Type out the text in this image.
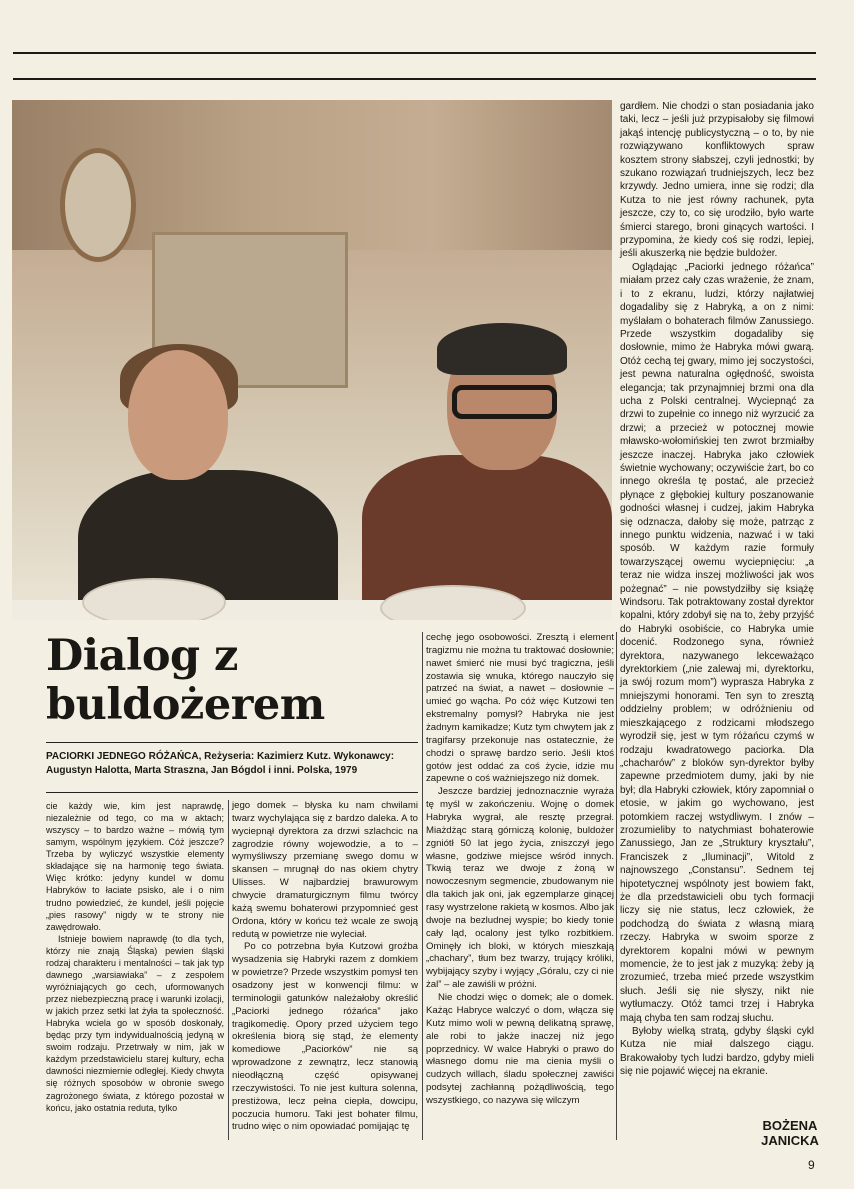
Dialog z buldożerem
PACIORKI JEDNEGO RÓŻAŃCA, Reżyseria: Kazimierz Kutz. Wykonawcy: Augustyn Halotta, Marta Straszna, Jan Bógdol i inni. Polska, 1979

cie każdy wie, kim jest naprawdę, niezależnie od tego, co ma w aktach; wszyscy – to bardzo ważne – mówią tym samym, wspólnym językiem. Cóż jeszcze? Trzeba by wyliczyć wszystkie elementy składające się na harmonię tego świata. Więc krótko: jedyny kundel w domu Habryków to łaciate psisko, ale i o nim trudno powiedzieć, że kundel, jeśli pojęcie „pies rasowy” nigdy w te strony nie zawędrowało.

Istnieje bowiem naprawdę (to dla tych, którzy nie znają Śląska) pewien śląski rodzaj charakteru i mentalności – tak jak typ dawnego „warsiawiaka” – z zespołem wyróżniających go cech, uformowanych przez niebezpieczną pracę i warunki izolacji, w jakich przez setki lat żyła ta społeczność. Habryka wciela go w sposób doskonały, będąc przy tym indywidualnością jedyną w swoim rodzaju. Przetrwały w nim, jak w każdym przedstawicielu starej kultury, echa dawności niezmiernie odległej. Kiedy chwyta się różnych sposobów w obronie swego zagrożonego świata, z którego pozostał w końcu, jako ostatnia reduta, tylko

jego domek – błyska ku nam chwilami twarz wychylająca się z bardzo daleka. A to wyciepnął dyrektora za drzwi szlachcic na zagrodzie równy wojewodzie, a to – wymyśliwszy przemianę swego domu w skansen – mrugnął do nas okiem chytry Ulisses. W najbardziej brawurowym chwycie dramaturgicznym filmu twórcy każą swemu bohaterowi przypomnieć gest Ordona, który w końcu też wcale ze swoją redutą w powietrze nie wyleciał.

Po co potrzebna była Kutzowi groźba wysadzenia się Habryki razem z domkiem w powietrze? Przede wszystkim pomysł ten osadzony jest w konwencji filmu: w terminologii gatunków należałoby określić „Paciorki jednego różańca” jako tragikomedię. Opory przed użyciem tego określenia biorą się stąd, że elementy komediowe „Paciorków” nie są wprowadzone z zewnątrz, lecz stanowią nieodłączną część opisywanej rzeczywistości. To nie jest kultura solenna, prestiżowa, lecz pełna ciepła, dowcipu, poczucia humoru. Taki jest bohater filmu, trudno więc o nim opowiadać pomijając tę

cechę jego osobowości. Zresztą i element tragizmu nie można tu traktować dosłownie; nawet śmierć nie musi być tragiczna, jeśli zostawia się wnuka, którego nauczyło się patrzeć na świat, a nawet – dosłownie – umieć go wącha. Po cóż więc Kutzowi ten ekstremalny pomysł? Habryka nie jest żadnym kamikadze; Kutz tym chwytem jak z tragifarsy przekonuje nas ostatecznie, że chodzi o sprawę bardzo serio. Jeśli ktoś gotów jest oddać za coś życie, idzie mu zapewne o coś ważniejszego niż domek.

Jeszcze bardziej jednoznacznie wyraża tę myśl w zakończeniu. Wojnę o domek Habryka wygrał, ale resztę przegrał. Miażdżąc starą górniczą kolonię, buldożer zgniótł 50 lat jego życia, zniszczył jego własne, godziwe miejsce wśród innych. Tkwią teraz we dwoje z żoną w nowoczesnym segmencie, zbudowanym nie dla takich jak oni, jak egzemplarze ginącej rasy wystrzelone rakietą w kosmos. Albo jak dwoje na bezludnej wyspie; bo kiedy tonie cały ląd, ocalony jest tylko rozbitkiem. Ominęły ich bloki, w których mieszkają „chachary”, tłum bez twarzy, trujący króliki, wybijający szyby i wyjący „Góralu, czy ci nie żal” – ale zawiśli w próżni.

Nie chodzi więc o domek; ale o domek. Każąc Habryce walczyć o dom, włącza się Kutz mimo woli w pewną delikatną sprawę, ale robi to jakże inaczej niż jego poprzednicy. W walce Habryki o prawo do własnego domu nie ma cienia myśli o cudzych willach, śladu społecznej zawiści podsytej zachłanną pożądliwością, tego wszystkiego, co nazywa się wilczym

gardłem. Nie chodzi o stan posiadania jako taki, lecz – jeśli już przypisałoby się filmowi jakąś intencję publicystyczną – o to, by nie rozwiązywano konfliktowych spraw kosztem strony słabszej, czyli jednostki; by szukano rozwiązań trudniejszych, lecz bez krzywdy. Jedno umiera, inne się rodzi; dla Kutza to nie jest równy rachunek, pyta jeszcze, czy to, co się urodziło, było warte śmierci starego, broni ginących wartości. I przypomina, że kiedy coś się rodzi, lepiej, jeśli akuszerką nie będzie buldożer.

Oglądając „Paciorki jednego różańca” miałam przez cały czas wrażenie, że znam, i to z ekranu, ludzi, którzy najłatwiej dogadaliby się z Habryką, a on z nimi: myślałam o bohaterach filmów Zanussiego. Przede wszystkim dogadaliby się dosłownie, mimo że Habryka mówi gwarą. Otóż cechą tej gwary, mimo jej soczystości, jest pewna naturalna ogłędność, swoista elegancja; tak przynajmniej brzmi ona dla ucha z Polski centralnej. Wyciepnąć za drzwi to zupełnie co innego niż wyrzucić za drzwi; a przecież w potocznej mowie mławsko-wołomińskiej ten zwrot brzmiałby jeszcze inaczej. Habryka jako człowiek świetnie wychowany; oczywiście żart, bo co innego określa tę postać, ale przecież płynące z głębokiej kultury poszanowanie godności własnej i cudzej, jakim Habryka się odznacza, dałoby się może, patrząc z innego punktu widzenia, nazwać i w taki sposób. W każdym razie formuły towarzyszącej owemu wyciepnięciu: „a teraz nie widza inszej możliwości jak wos pożegnać” – nie powstydziłby się książę Windsoru. Tak potraktowany został dyrektor kopalni, który zdobył się na to, żeby przyjść do Habryki osobiście, co Habryka umie docenić. Rodzonego syna, również dyrektora, nazywanego lekceważąco dyrektorkiem („nie zalewaj mi, dyrektorku, ja swój rozum mom”) wyprasza Habryka z mniejszymi honorami. Ten syn to zresztą oddzielny problem; w odróżnieniu od mieszkającego z rodzicami młodszego wyrodził się, jest w tym różańcu czymś w rodzaju kwadratowego paciorka. Dla „chacharów” z bloków syn-dyrektor byłby zapewne przedmiotem dumy, jaki by nie był; dla Habryki człowiek, który zapomniał o etosie, w jakim go wychowano, jest potomkiem raczej wstydliwym. I znów – zrozumieliby to natychmiast bohaterowie Zanussiego, Jan ze „Struktury kryształu”, Franciszek z „Iluminacji”, Witold z najnowszego „Constansu”. Sednem tej hipotetycznej wspólnoty jest bowiem fakt, że dla przedstawicieli obu tych formacji liczy się nie status, lecz człowiek, że podchodzą do świata z własną miarą rzeczy. Habryka w swoim sporze z dyrektorem kopalni mówi w pewnym momencie, że to jest jak z muzyką: żeby ją zrozumieć, trzeba mieć przede wszystkim słuch. Jeśli się nie słyszy, nikt nie wytłumaczy. Otóż tamci trzej i Habryka mają chyba ten sam rodzaj słuchu.

Byłoby wielką stratą, gdyby śląski cykl Kutza nie miał dalszego ciągu. Brakowałoby tych ludzi bardzo, gdyby mieli się nie pojawić więcej na ekranie.

BOŻENA JANICKA
9
